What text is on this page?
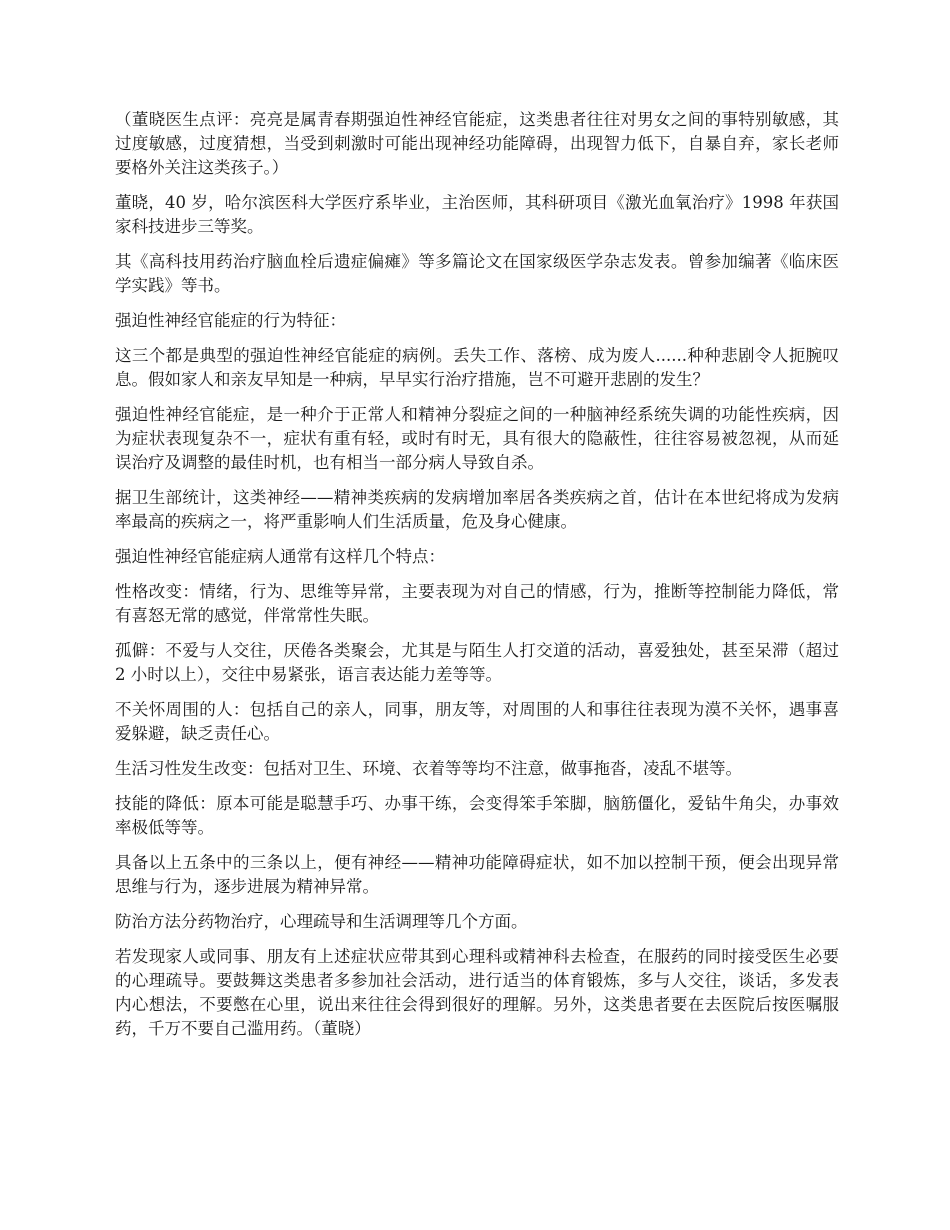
（董晓医生点评：亮亮是属青春期强迫性神经官能症，这类患者往往对男女之间的事特别敏感，其过度敏感，过度猜想，当受到刺激时可能出现神经功能障碍，出现智力低下，自暴自弃，家长老师要格外关注这类孩子。）

董晓，40 岁，哈尔滨医科大学医疗系毕业，主治医师，其科研项目《激光血氧治疗》1998 年获国家科技进步三等奖。

其《高科技用药治疗脑血栓后遗症偏瘫》等多篇论文在国家级医学杂志发表。曾参加编著《临床医学实践》等书。

强迫性神经官能症的行为特征：

这三个都是典型的强迫性神经官能症的病例。丢失工作、落榜、成为废人......种种悲剧令人扼腕叹息。假如家人和亲友早知是一种病，早早实行治疗措施，岂不可避开悲剧的发生？

强迫性神经官能症，是一种介于正常人和精神分裂症之间的一种脑神经系统失调的功能性疾病，因为症状表现复杂不一，症状有重有轻，或时有时无，具有很大的隐蔽性，往往容易被忽视，从而延误治疗及调整的最佳时机，也有相当一部分病人导致自杀。

据卫生部统计，这类神经——精神类疾病的发病增加率居各类疾病之首，估计在本世纪将成为发病率最高的疾病之一，将严重影响人们生活质量，危及身心健康。

强迫性神经官能症病人通常有这样几个特点：

性格改变：情绪，行为、思维等异常，主要表现为对自己的情感，行为，推断等控制能力降低，常有喜怒无常的感觉，伴常常性失眠。

孤僻：不爱与人交往，厌倦各类聚会，尤其是与陌生人打交道的活动，喜爱独处，甚至呆滞（超过 2 小时以上），交往中易紧张，语言表达能力差等等。

不关怀周围的人：包括自己的亲人，同事，朋友等，对周围的人和事往往表现为漠不关怀，遇事喜爱躲避，缺乏责任心。

生活习性发生改变：包括对卫生、环境、衣着等等均不注意，做事拖沓，凌乱不堪等。

技能的降低：原本可能是聪慧手巧、办事干练，会变得笨手笨脚，脑筋僵化，爱钻牛角尖，办事效率极低等等。

具备以上五条中的三条以上，便有神经——精神功能障碍症状，如不加以控制干预，便会出现异常思维与行为，逐步进展为精神异常。

防治方法分药物治疗，心理疏导和生活调理等几个方面。

若发现家人或同事、朋友有上述症状应带其到心理科或精神科去检查，在服药的同时接受医生必要的心理疏导。要鼓舞这类患者多参加社会活动，进行适当的体育锻炼，多与人交往，谈话，多发表内心想法，不要憋在心里，说出来往往会得到很好的理解。另外，这类患者要在去医院后按医嘱服药，千万不要自己滥用药。（董晓）
